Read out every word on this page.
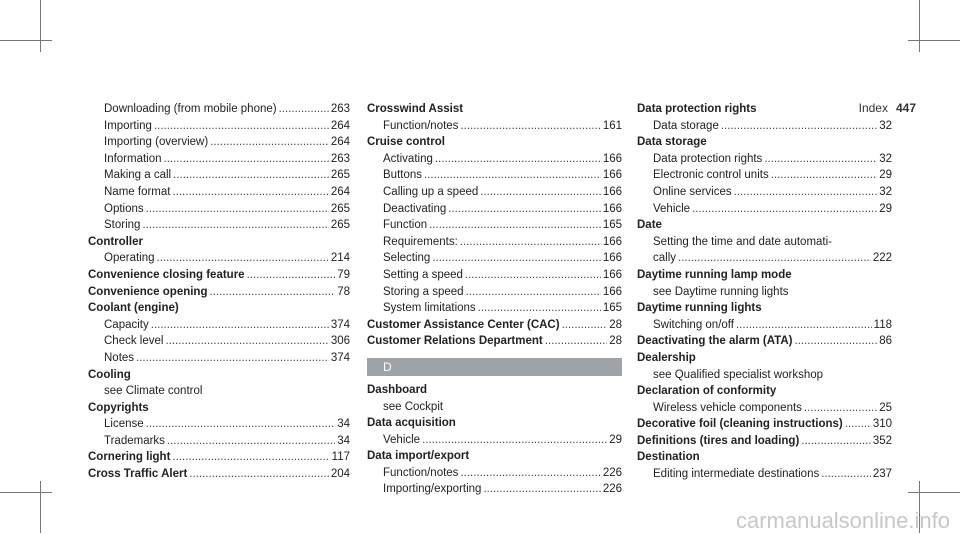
Index 447
Downloading (from mobile phone) .....	263
Importing .....	264
Importing (overview) .....	264
Information .....	263
Making a call .....	265
Name format .....	264
Options .....	265
Storing .....	265
Controller
Operating .....	214
Convenience closing feature .....	79
Convenience opening .....	78
Coolant (engine)
Capacity .....	374
Check level .....	306
Notes .....	374
Cooling
see Climate control
Copyrights
License .....	34
Trademarks .....	34
Cornering light .....	117
Cross Traffic Alert .....	204
Crosswind Assist
Function/notes .....	161
Cruise control
Activating .....	166
Buttons .....	166
Calling up a speed .....	166
Deactivating .....	166
Function .....	165
Requirements: .....	166
Selecting .....	166
Setting a speed .....	166
Storing a speed .....	166
System limitations .....	165
Customer Assistance Center (CAC) .....	28
Customer Relations Department .....	28
D
Dashboard
see Cockpit
Data acquisition
Vehicle .....	29
Data import/export
Function/notes .....	226
Importing/exporting .....	226
Data protection rights
Data storage .....	32
Data storage
Data protection rights .....	32
Electronic control units .....	29
Online services .....	32
Vehicle .....	29
Date
Setting the time and date automati-
cally .....	222
Daytime running lamp mode
see Daytime running lights
Daytime running lights
Switching on/off .....	118
Deactivating the alarm (ATA) .....	86
Dealership
see Qualified specialist workshop
Declaration of conformity
Wireless vehicle components .....	25
Decorative foil (cleaning instructions) .....	310
Definitions (tires and loading) .....	352
Destination
Editing intermediate destinations .....	237
carmanualsonline.info
